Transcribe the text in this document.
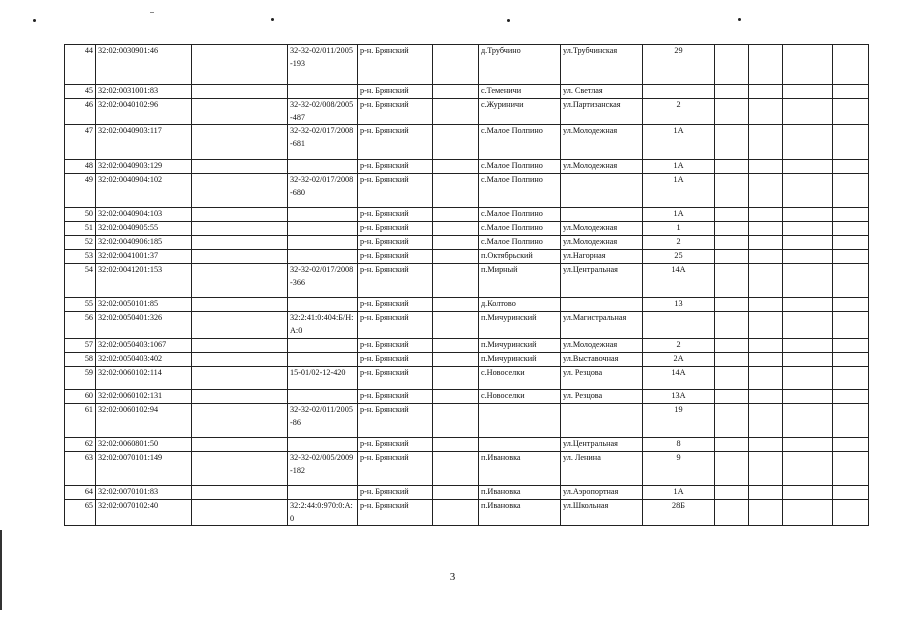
44	32:02:0030901:46		32-32-02/011/2005-193	р-н. Брянский		д.Трубчино	ул.Трубчинская	29				
45	32:02:0031001:83			р-н. Брянский		с.Теменичи	ул. Светлая					
46	32:02:0040102:96		32-32-02/008/2005-487	р-н. Брянский		с.Журиничи	ул.Партизанская	2				
47	32:02:0040903:117		32-32-02/017/2008-681	р-н. Брянский		с.Малое Полпино	ул.Молодежная	1А				
48	32:02:0040903:129			р-н. Брянский		с.Малое Полпино	ул.Молодежная	1А				
49	32:02:0040904:102		32-32-02/017/2008-680	р-н. Брянский		с.Малое Полпино		1А				
50	32:02:0040904:103			р-н. Брянский		с.Малое Полпино		1А				
51	32:02:0040905:55			р-н. Брянский		с.Малое Полпино	ул.Молодежная	1				
52	32:02:0040906:185			р-н. Брянский		с.Малое Полпино	ул.Молодежная	2				
53	32:02:0041001:37			р-н. Брянский		п.Октябрьский	ул.Нагорная	25				
54	32:02:0041201:153		32-32-02/017/2008-366	р-н. Брянский		п.Мирный	ул.Центральная	14А				
55	32:02:0050101:85			р-н. Брянский		д.Колтово		13				
56	32:02:0050401:326		32:2:41:0:404:Б/Н:А:0	р-н. Брянский		п.Мичуринский	ул.Магистральная					
57	32:02:0050403:1067			р-н. Брянский		п.Мичуринский	ул.Молодежная	2				
58	32:02:0050403:402			р-н. Брянский		п.Мичуринский	ул.Выставочная	2А				
59	32:02:0060102:114		15-01/02-12-420	р-н. Брянский		с.Новоселки	ул. Резцова	14А				
60	32:02:0060102:131			р-н. Брянский		с.Новоселки	ул. Резцова	13А				
61	32:02:0060102:94		32-32-02/011/2005-86	р-н. Брянский				19				
62	32:02:0060801:50			р-н. Брянский			ул.Центральная	8				
63	32:02:0070101:149		32-32-02/005/2009-182	р-н. Брянский		п.Ивановка	ул. Ленина	9				
64	32:02:0070101:83			р-н. Брянский		п.Ивановка	ул.Аэропортная	1А				
65	32:02:0070102:40		32:2:44:0:970:0:А:0	р-н. Брянский		п.Ивановка	ул.Школьная	28Б				
3
